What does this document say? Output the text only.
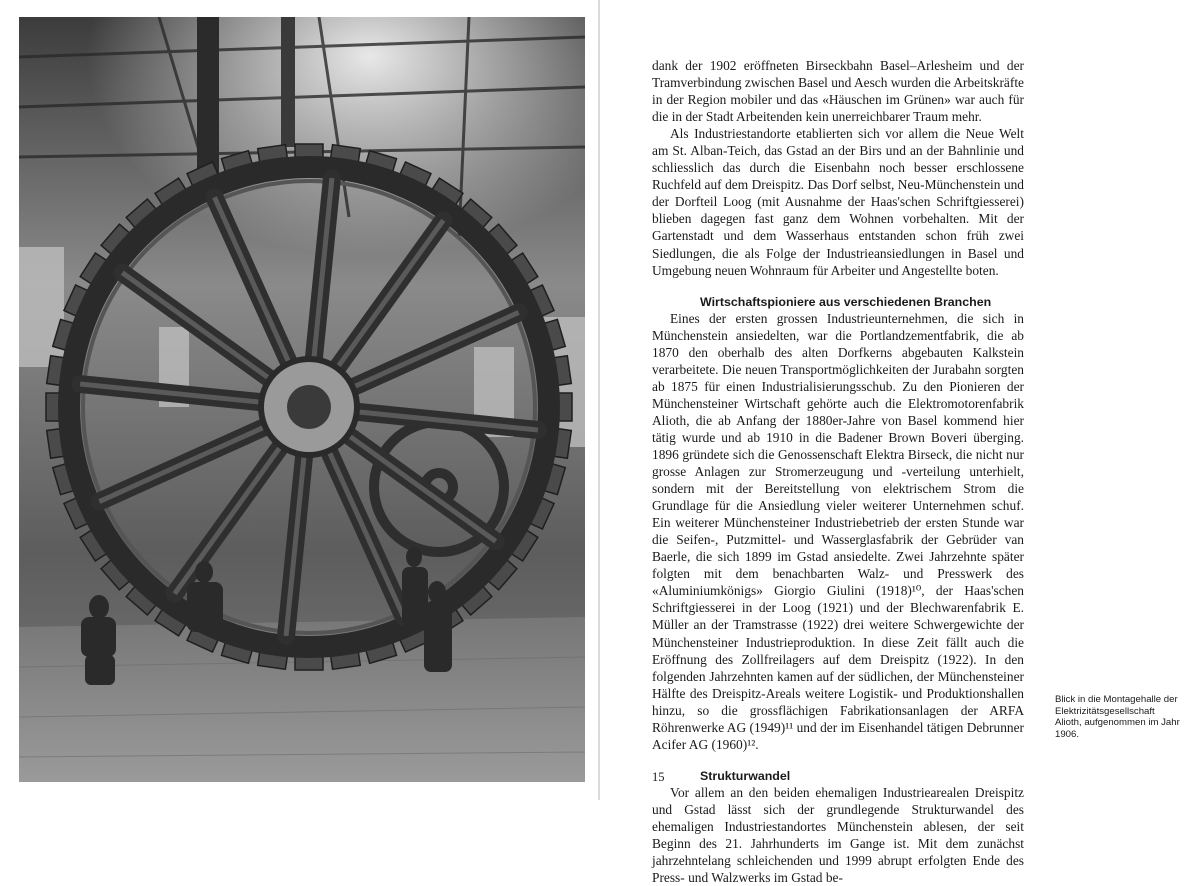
dank der 1902 eröffneten Birseckbahn Basel–Arlesheim und der Tramverbindung zwischen Basel und Aesch wurden die Arbeitskräfte in der Region mobiler und das «Häuschen im Grünen» war auch für die in der Stadt Arbeitenden kein unerreichbarer Traum mehr.

Als Industriestandorte etablierten sich vor allem die Neue Welt am St. Alban-Teich, das Gstad an der Birs und an der Bahnlinie und schliesslich das durch die Eisenbahn noch besser erschlossene Ruchfeld auf dem Dreispitz. Das Dorf selbst, Neu-Münchenstein und der Dorfteil Loog (mit Ausnahme der Haas'schen Schriftgiesserei) blieben dagegen fast ganz dem Wohnen vorbehalten. Mit der Gartenstadt und dem Wasserhaus entstanden schon früh zwei Siedlungen, die als Folge der Industrieansiedlungen in Basel und Umgebung neuen Wohnraum für Arbeiter und Angestellte boten.

Wirtschaftspioniere aus verschiedenen Branchen

Eines der ersten grossen Industrieunternehmen, die sich in Münchenstein ansiedelten, war die Portlandzementfabrik, die ab 1870 den oberhalb des alten Dorfkerns abgebauten Kalkstein verarbeitete. Die neuen Transportmöglichkeiten der Jurabahn sorgten ab 1875 für einen Industrialisierungsschub. Zu den Pionieren der Münchensteiner Wirtschaft gehörte auch die Elektromotorenfabrik Alioth, die ab Anfang der 1880er-Jahre von Basel kommend hier tätig wurde und ab 1910 in die Badener Brown Boveri überging. 1896 gründete sich die Genossenschaft Elektra Birseck, die nicht nur grosse Anlagen zur Stromerzeugung und -verteilung unterhielt, sondern mit der Bereitstellung von elektrischem Strom die Grundlage für die Ansiedlung vieler weiterer Unternehmen schuf. Ein weiterer Münchensteiner Industriebetrieb der ersten Stunde war die Seifen-, Putzmittel- und Wasserglasfabrik der Gebrüder van Baerle, die sich 1899 im Gstad ansiedelte. Zwei Jahrzehnte später folgten mit dem benachbarten Walz- und Presswerk des «Aluminiumkönigs» Giorgio Giulini (1918)¹⁰, der Haas'schen Schriftgiesserei in der Loog (1921) und der Blechwarenfabrik E. Müller an der Tramstrasse (1922) drei weitere Schwergewichte der Münchensteiner Industrieproduktion. In diese Zeit fällt auch die Eröffnung des Zollfreilagers auf dem Dreispitz (1922). In den folgenden Jahrzehnten kamen auf der südlichen, der Münchensteiner Hälfte des Dreispitz-Areals weitere Logistik- und Produktionshallen hinzu, so die grossflächigen Fabrikationsanlagen der ARFA Röhrenwerke AG (1949)¹¹ und der im Eisenhandel tätigen Debrunner Acifer AG (1960)¹².

Strukturwandel

Vor allem an den beiden ehemaligen Industriearealen Dreispitz und Gstad lässt sich der grundlegende Strukturwandel des ehemaligen Industriestandortes Münchenstein ablesen, der seit Beginn des 21. Jahrhunderts im Gange ist. Mit dem zunächst jahrzehntelang schleichenden und 1999 abrupt erfolgten Ende des Press- und Walzwerks im Gstad be-

Blick in die Montagehalle der Elektrizitätsgesellschaft Alioth, aufgenommen im Jahr 1906.
15
